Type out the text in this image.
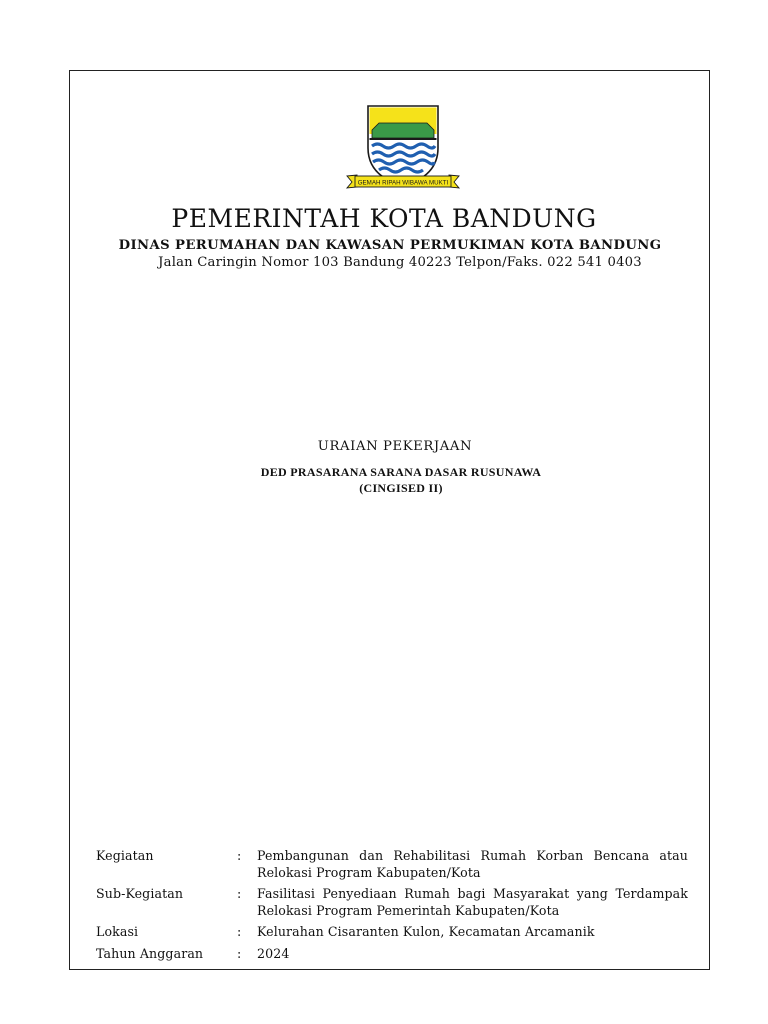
GEMAH RIPAH WIBAWA MUKTI
PEMERINTAH KOTA BANDUNG
DINAS PERUMAHAN DAN KAWASAN PERMUKIMAN KOTA BANDUNG
Jalan Caringin Nomor 103 Bandung 40223 Telpon/Faks. 022 541 0403
URAIAN PEKERJAAN
DED PRASARANA SARANA DASAR RUSUNAWA
(CINGISED II)
Kegiatan	:	Pembangunan dan Rehabilitasi Rumah Korban Bencana atau Relokasi Program Kabupaten/Kota
Sub-Kegiatan	:	Fasilitasi Penyediaan Rumah bagi Masyarakat yang Terdampak Relokasi Program Pemerintah Kabupaten/Kota
Lokasi	:	Kelurahan Cisaranten Kulon, Kecamatan Arcamanik
Tahun Anggaran	:	2024
